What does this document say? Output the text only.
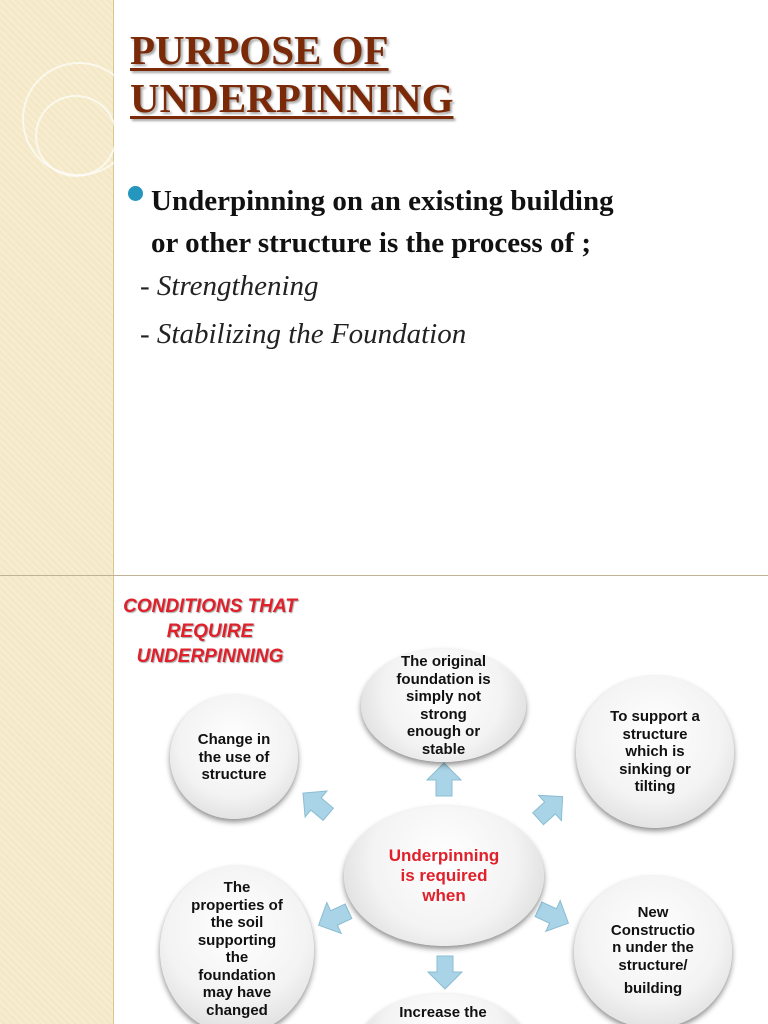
PURPOSE OF
UNDERPINNING

Underpinning on an existing building
or other structure is the process of ;

- Strengthening

- Stabilizing the Foundation

CONDITIONS THAT
REQUIRE
UNDERPINNING

Underpinning
is required
when
The original
foundation is
simply not
strong
enough or
stable
Change in
the use of
structure
To support a
structure
which is
sinking or
tilting
The
properties of
the soil
supporting
the
foundation
may have
changed
New
Constructio
n under the
structure/
building
Increase the
